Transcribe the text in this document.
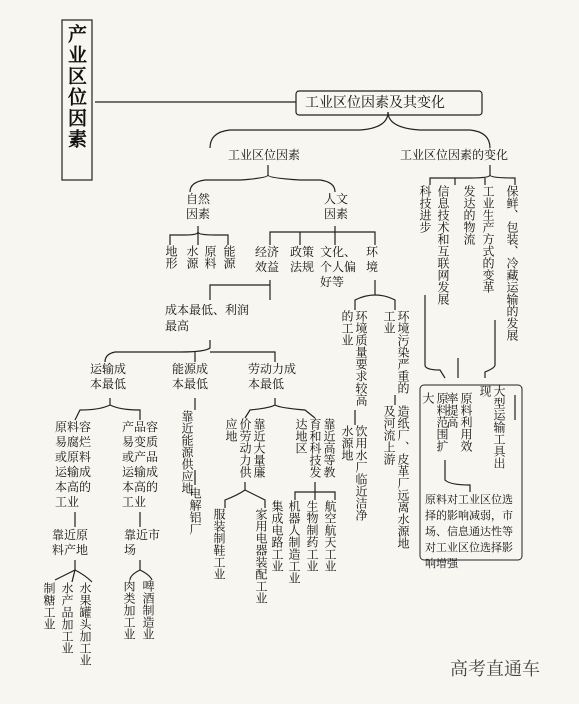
产业区位因素	工业区位因素及其变化
工业区位因素	工业区位因素的变化
自然因素
人文因素
地形 水源 原料 能源 经济效益
政策法规
文化、个人偏好等
环境
成本最低、利润最高	环境质量要求较高的工业	环境污染严重的工业
运输成本最低
能源成本最低
劳动力成本最低
原料容易腐烂或原料运输成本高的工业
产品容易变质或产品运输成本高的工业
靠近能源供应地
电解铝厂
靠近大量廉价劳动力供应地	靠近高等教育和科技发达地区
靠近原料产地
靠近市场
制糖工业 水产品加工业 水果罐头加工业	肉类加工业 啤酒制造业
服装制鞋工业 家用电器装配工业 集成电路工业 机器人制造工业 生物制药工业 航空航天工业
饮用水厂临近洁净水源地	造纸厂、皮革厂远离水源地及河流上游
科技进步 信息技术和互联网发展 发达的物流 工业生产方式的变革 保鲜、包装、冷藏运输的发展
原料范围扩大	原料利用效率提高	大型运输工具出现
原料对工业区位选择的影响减弱，市场、信息通达性等对工业区位选择影响增强
高考直通车
